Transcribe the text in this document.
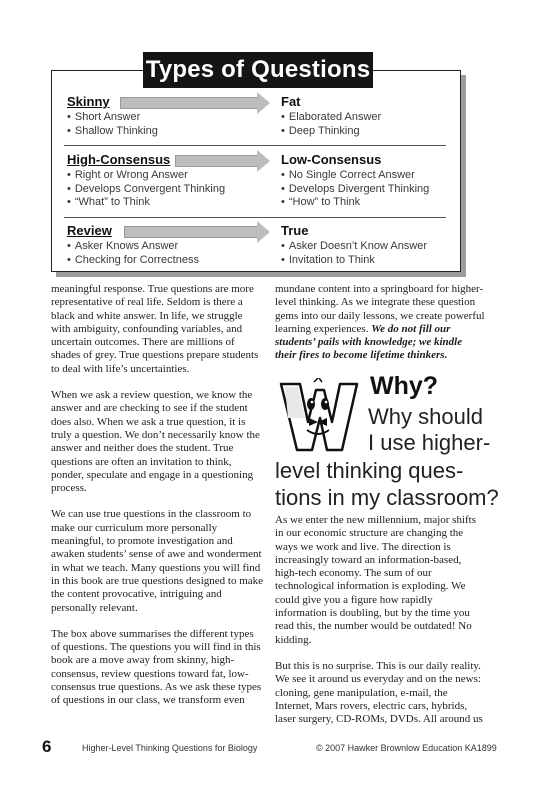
Types of Questions
Skinny
• Short Answer
• Shallow Thinking
Fat
• Elaborated Answer
• Deep Thinking
High-Consensus
• Right or Wrong Answer
• Develops Convergent Thinking
• “What” to Think
Low-Consensus
• No Single Correct Answer
• Develops Divergent Thinking
• “How” to Think
Review
• Asker Knows Answer
• Checking for Correctness
True
• Asker Doesn’t Know Answer
• Invitation to Think

meaningful response. True questions are more representative of real life. Seldom is there a black and white answer. In life, we struggle with ambiguity, confounding variables, and uncertain outcomes. There are millions of shades of grey. True questions prepare students to deal with life’s uncertainties.

When we ask a review question, we know the answer and are checking to see if the student does also. When we ask a true question, it is truly a question. We don’t necessarily know the answer and neither does the student. True questions are often an invitation to think, ponder, speculate and engage in a questioning process.

We can use true questions in the classroom to make our curriculum more personally meaningful, to promote investigation and awaken students’ sense of awe and wonderment in what we teach. Many questions you will find in this book are true questions designed to make the content provocative, intriguing and personally relevant.

The box above summarises the different types of questions. The questions you will find in this book are a move away from skinny, high-consensus, review questions toward fat, low-consensus true questions. As we ask these types of questions in our class, we transform even

mundane content into a springboard for higher-level thinking. As we integrate these question gems into our daily lessons, we create powerful learning experiences. We do not fill our students’ pails with knowledge; we kindle their fires to become lifetime thinkers.

Why?
Why should
I use higher-
level thinking ques-
tions in my classroom?

As we enter the new millennium, major shifts in our economic structure are changing the ways we work and live. The direction is increasingly toward an information-based, high-tech economy. The sum of our technological information is exploding. We could give you a figure how rapidly information is doubling, but by the time you read this, the number would be outdated! No kidding.

But this is no surprise. This is our daily reality. We see it around us everyday and on the news: cloning, gene manipulation, e-mail, the Internet, Mars rovers, electric cars, hybrids, laser surgery, CD-ROMs, DVDs. All around us

6	Higher-Level Thinking Questions for Biology	© 2007 Hawker Brownlow Education KA1899
